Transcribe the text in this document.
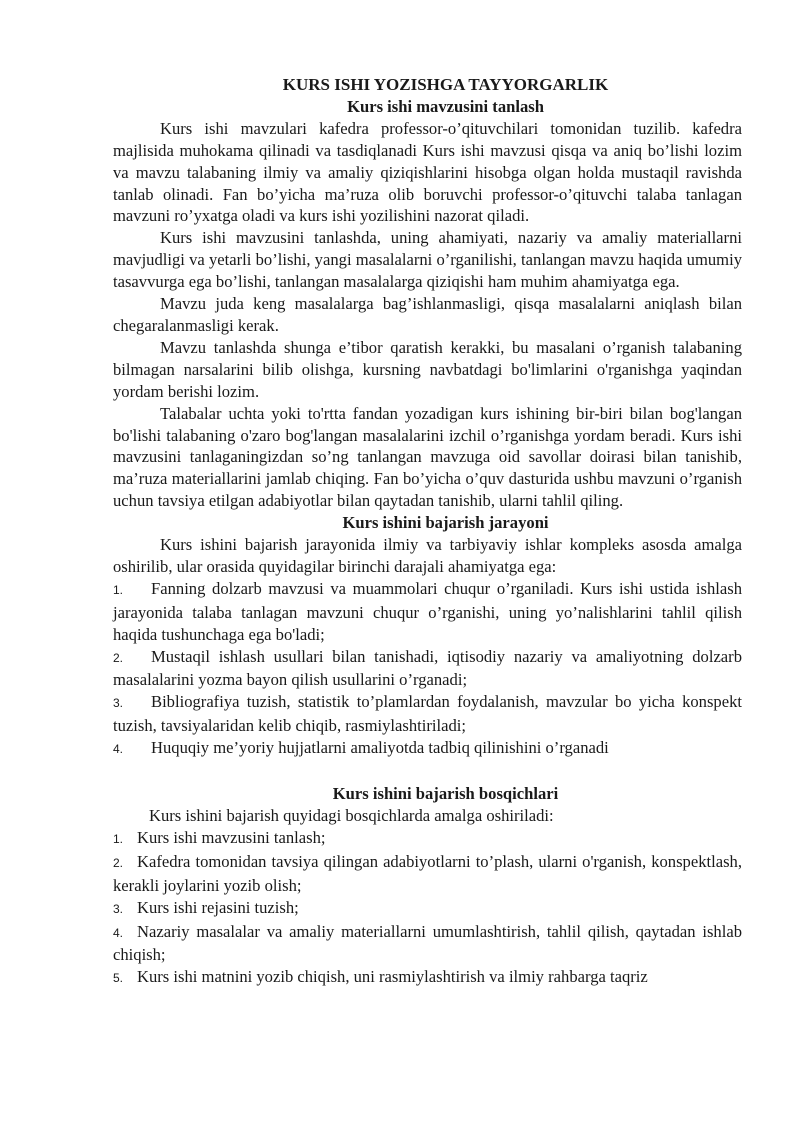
KURS ISHI YOZISHGA TAYYORGARLIK
Kurs ishi mavzusini tanlash

Kurs ishi mavzulari kafedra professor-o’qituvchilari tomonidan tuzilib. kafedra majlisida muhokama qilinadi va tasdiqlanadi Kurs ishi mavzusi qisqa va aniq bo’lishi lozim va mavzu talabaning ilmiy va amaliy qiziqishlarini hisobga olgan holda mustaqil ravishda tanlab olinadi. Fan bo’yicha ma’ruza olib boruvchi professor-o’qituvchi talaba tanlagan mavzuni ro’yxatga oladi va kurs ishi yozilishini nazorat qiladi.

Kurs ishi mavzusini tanlashda, uning ahamiyati, nazariy va amaliy materiallarni mavjudligi va yetarli bo’lishi, yangi masalalarni o’rganilishi, tanlangan mavzu haqida umumiy tasavvurga ega bo’lishi, tanlangan masalalarga qiziqishi ham muhim ahamiyatga ega.

Mavzu juda keng masalalarga bag’ishlanmasligi, qisqa masalalarni aniqlash bilan chegaralanmasligi kerak.

Mavzu tanlashda shunga e’tibor qaratish kerakki, bu masalani o’rganish talabaning bilmagan narsalarini bilib olishga, kursning navbatdagi bo'limlarini o'rganishga yaqindan yordam berishi lozim.

Talabalar uchta yoki to'rtta fandan yozadigan kurs ishining bir-biri bilan bog'langan bo'lishi talabaning o'zaro bog'langan masalalarini izchil o’rganishga yordam beradi. Kurs ishi mavzusini tanlaganingizdan so’ng tanlangan mavzuga oid savollar doirasi bilan tanishib, ma’ruza materiallarini jamlab chiqing. Fan bo’yicha o’quv dasturida ushbu mavzuni o’rganish uchun tavsiya etilgan adabiyotlar bilan qaytadan tanishib, ularni tahlil qiling.

Kurs ishini bajarish jarayoni

Kurs ishini bajarish jarayonida ilmiy va tarbiyaviy ishlar kompleks asosda amalga oshirilib, ular orasida quyidagilar birinchi darajali ahamiyatga ega:

1. Fanning dolzarb mavzusi va muammolari chuqur o’rganiladi. Kurs ishi ustida ishlash jarayonida talaba tanlagan mavzuni chuqur o’rganishi, uning yo’nalishlarini tahlil qilish haqida tushunchaga ega bo'ladi;

2. Mustaqil ishlash usullari bilan tanishadi, iqtisodiy nazariy va amaliyotning dolzarb masalalarini yozma bayon qilish usullarini o’rganadi;

3. Bibliografiya tuzish, statistik to’plamlardan foydalanish, mavzular bo yicha konspekt tuzish, tavsiyalaridan kelib chiqib, rasmiylashtiriladi;

4. Huquqiy me’yoriy hujjatlarni amaliyotda tadbiq qilinishini o’rganadi

Kurs ishini bajarish bosqichlari

Kurs ishini bajarish quyidagi bosqichlarda amalga oshiriladi:

1. Kurs ishi mavzusini tanlash;

2. Kafedra tomonidan tavsiya qilingan adabiyotlarni to’plash, ularni o'rganish, konspektlash, kerakli joylarini yozib olish;

3. Kurs ishi rejasini tuzish;

4. Nazariy masalalar va amaliy materiallarni umumlashtirish, tahlil qilish, qaytadan ishlab chiqish;

5. Kurs ishi matnini yozib chiqish, uni rasmiylashtirish va ilmiy rahbarga taqriz
